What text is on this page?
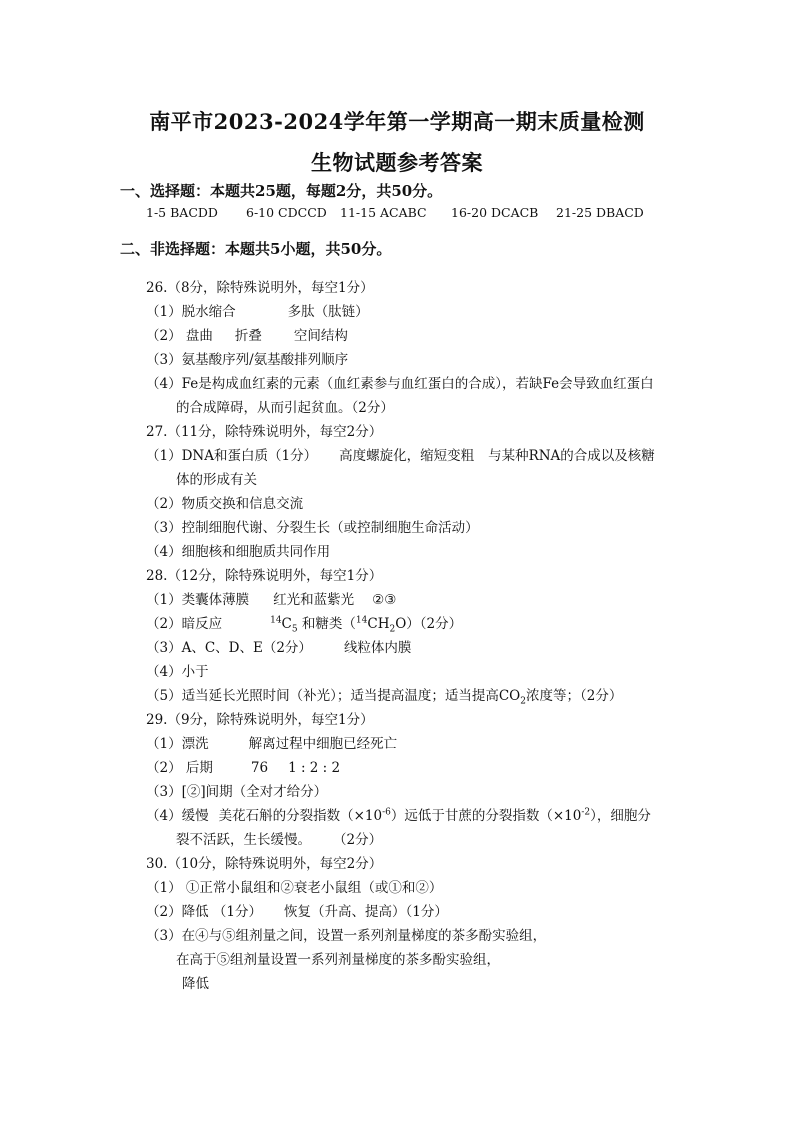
南平市2023-2024学年第一学期高一期末质量检测
生物试题参考答案
一、选择题：本题共25题，每题2分，共50分。
1-5 BACDD 6-10 CDCCD 11-15 ACABC 16-20 DCACB 21-25 DBACD
二、非选择题：本题共5小题，共50分。
26.（8分，除特殊说明外，每空1分）
（1）脱水缩合	多肽（肽链）
（2） 盘曲 折叠 空间结构
（3）氨基酸序列/氨基酸排列顺序
（4）Fe是构成血红素的元素（血红素参与血红蛋白的合成），若缺Fe会导致血红蛋白
的合成障碍，从而引起贫血。（2分）
27.（11分，除特殊说明外，每空2分）
（1）DNA和蛋白质（1分） 高度螺旋化，缩短变粗 与某种RNA的合成以及核糖
体的形成有关
（2）物质交换和信息交流
（3）控制细胞代谢、分裂生长（或控制细胞生命活动）
（4）细胞核和细胞质共同作用
28.（12分，除特殊说明外，每空1分）
（1）类囊体薄膜 红光和蓝紫光 ②③
（2）暗反应	$^{14}C_5$ 和糖类$(^{14}CH_2O)(2$分）
（3）A、C、D、E（2分） 线粒体内膜
（4）小于
（5）适当延长光照时间（补光）；适当提高温度；适当提高$CO_2$浓度等；（2分）
29.（9分，除特殊说明外，每空1分）
（1）漂洗	解离过程中细胞已经死亡
（2） 后期	76 1 : 2 : 2
（3）[②]间期（全对才给分）
（4）缓慢 美花石斛的分裂指数$(\times 10^{-6})$远低于甘蔗的分裂指数$(\times 10^{-2})$，细胞分
裂不活跃，生长缓慢。 （2分）
30.（10分，除特殊说明外，每空2分）
（1） ①正常小鼠组和②衰老小鼠组（或①和②）
（2）降低 （1分） 恢复（升高、提高）（1分）
（3）在④与⑤组剂量之间，设置一系列剂量梯度的茶多酚实验组，
在高于⑤组剂量设置一系列剂量梯度的茶多酚实验组，
降低
